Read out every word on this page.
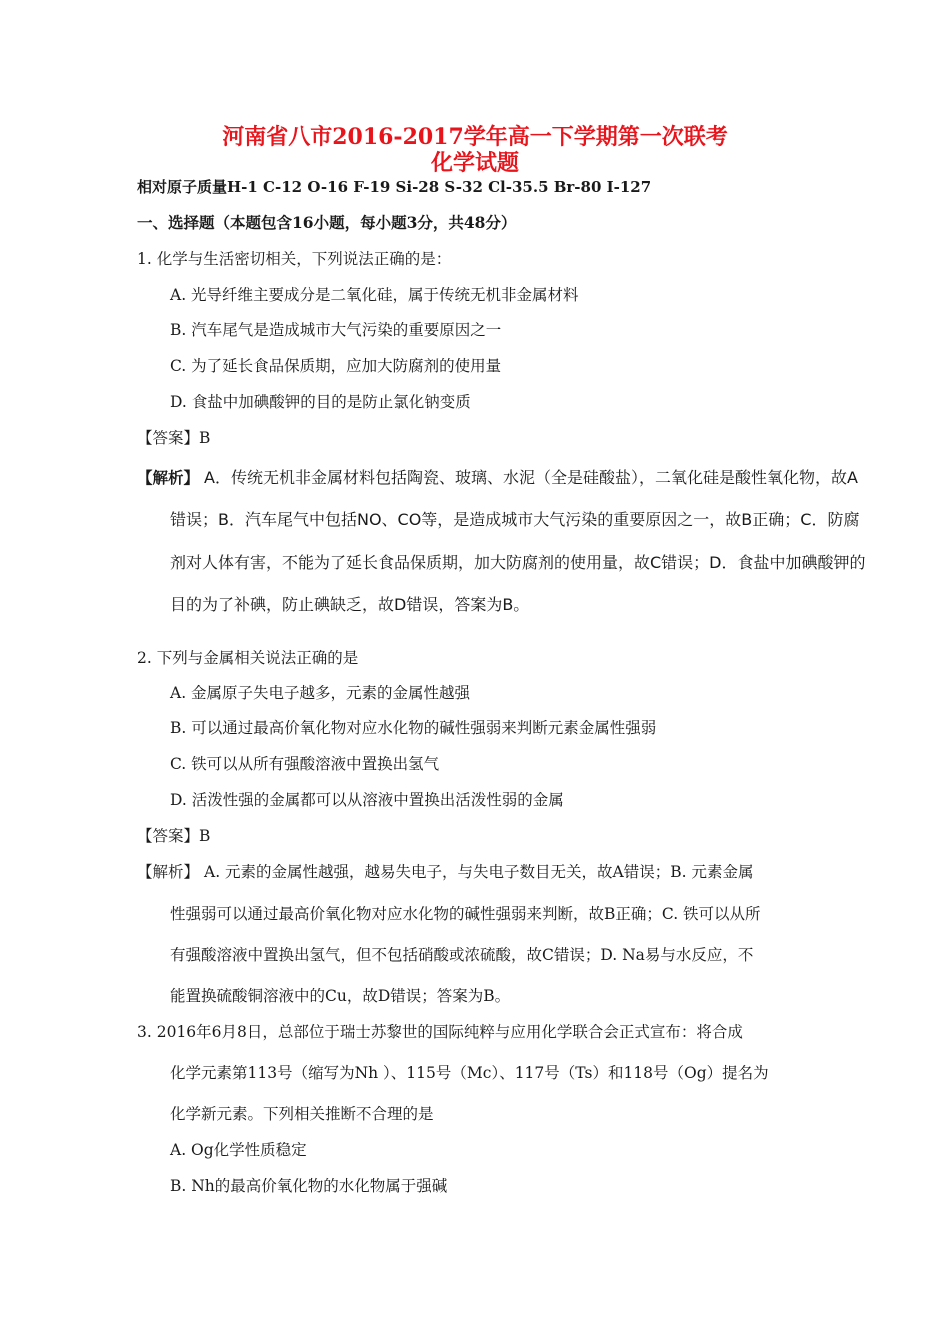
河南省八市2016-2017学年高一下学期第一次联考
化学试题
相对原子质量H-1 C-12 O-16 F-19 Si-28 S-32 Cl-35.5 Br-80 I-127
一、选择题（本题包含16小题，每小题3分，共48分）
1. 化学与生活密切相关，下列说法正确的是：
A. 光导纤维主要成分是二氧化硅，属于传统无机非金属材料
B. 汽车尾气是造成城市大气污染的重要原因之一
C. 为了延长食品保质期，应加大防腐剂的使用量
D. 食盐中加碘酸钾的目的是防止氯化钠变质
【答案】B
【解析】 A．传统无机非金属材料包括陶瓷、玻璃、水泥（全是硅酸盐），二氧化硅是酸性氧化物，故A
错误；B．汽车尾气中包括NO、CO等，是造成城市大气污染的重要原因之一，故B正确；C．防腐
剂对人体有害，不能为了延长食品保质期，加大防腐剂的使用量，故C错误；D．食盐中加碘酸钾的
目的为了补碘，防止碘缺乏，故D错误，答案为B。
2. 下列与金属相关说法正确的是
A. 金属原子失电子越多，元素的金属性越强
B. 可以通过最高价氧化物对应水化物的碱性强弱来判断元素金属性强弱
C. 铁可以从所有强酸溶液中置换出氢气
D. 活泼性强的金属都可以从溶液中置换出活泼性弱的金属
【答案】B
【解析】 A. 元素的金属性越强，越易失电子，与失电子数目无关，故A错误；B. 元素金属
性强弱可以通过最高价氧化物对应水化物的碱性强弱来判断，故B正确；C. 铁可以从所
有强酸溶液中置换出氢气，但不包括硝酸或浓硫酸，故C错误；D. Na易与水反应，不
能置换硫酸铜溶液中的Cu，故D错误；答案为B。
3. 2016年6月8日，总部位于瑞士苏黎世的国际纯粹与应用化学联合会正式宣布：将合成
化学元素第113号（缩写为Nh ）、115号（Mc）、117号（Ts）和118号（Og）提名为
化学新元素。下列相关推断不合理的是
A. Og化学性质稳定
B. Nh的最高价氧化物的水化物属于强碱
